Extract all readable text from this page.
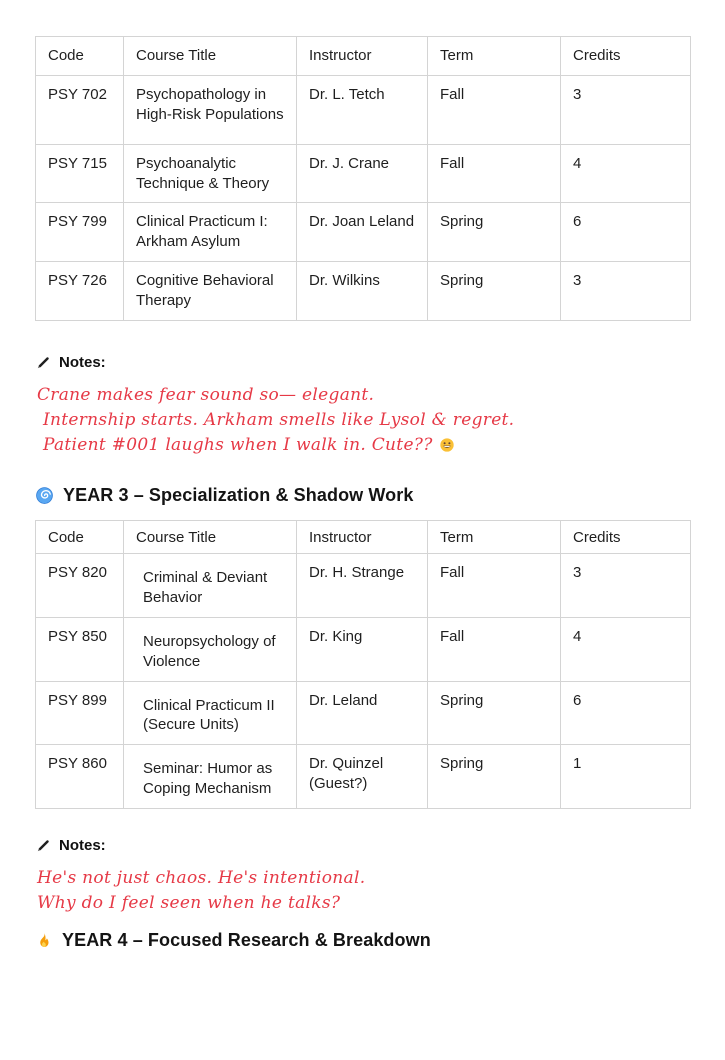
Code	Course Title	Instructor	Term	Credits
PSY 702	Psychopathology in High-Risk Populations	Dr. L. Tetch	Fall	3
PSY 715	Psychoanalytic Technique & Theory	Dr. J. Crane	Fall	4
PSY 799	Clinical Practicum I: Arkham Asylum	Dr. Joan Leland	Spring	6
PSY 726	Cognitive Behavioral Therapy	Dr. Wilkins	Spring	3
Notes:
Crane makes fear sound so— elegant.
Internship starts. Arkham smells like Lysol & regret.
Patient #001 laughs when I walk in. Cute??
YEAR 3 – Specialization & Shadow Work
Code	Course Title	Instructor	Term	Credits
PSY 820	Criminal & Deviant Behavior	Dr. H. Strange	Fall	3
PSY 850	Neuropsychology of Violence	Dr. King	Fall	4
PSY 899	Clinical Practicum II (Secure Units)	Dr. Leland	Spring	6
PSY 860	Seminar: Humor as Coping Mechanism	Dr. Quinzel (Guest?)	Spring	1
Notes:
He's not just chaos. He's intentional.
Why do I feel seen when he talks?
YEAR 4 – Focused Research & Breakdown
